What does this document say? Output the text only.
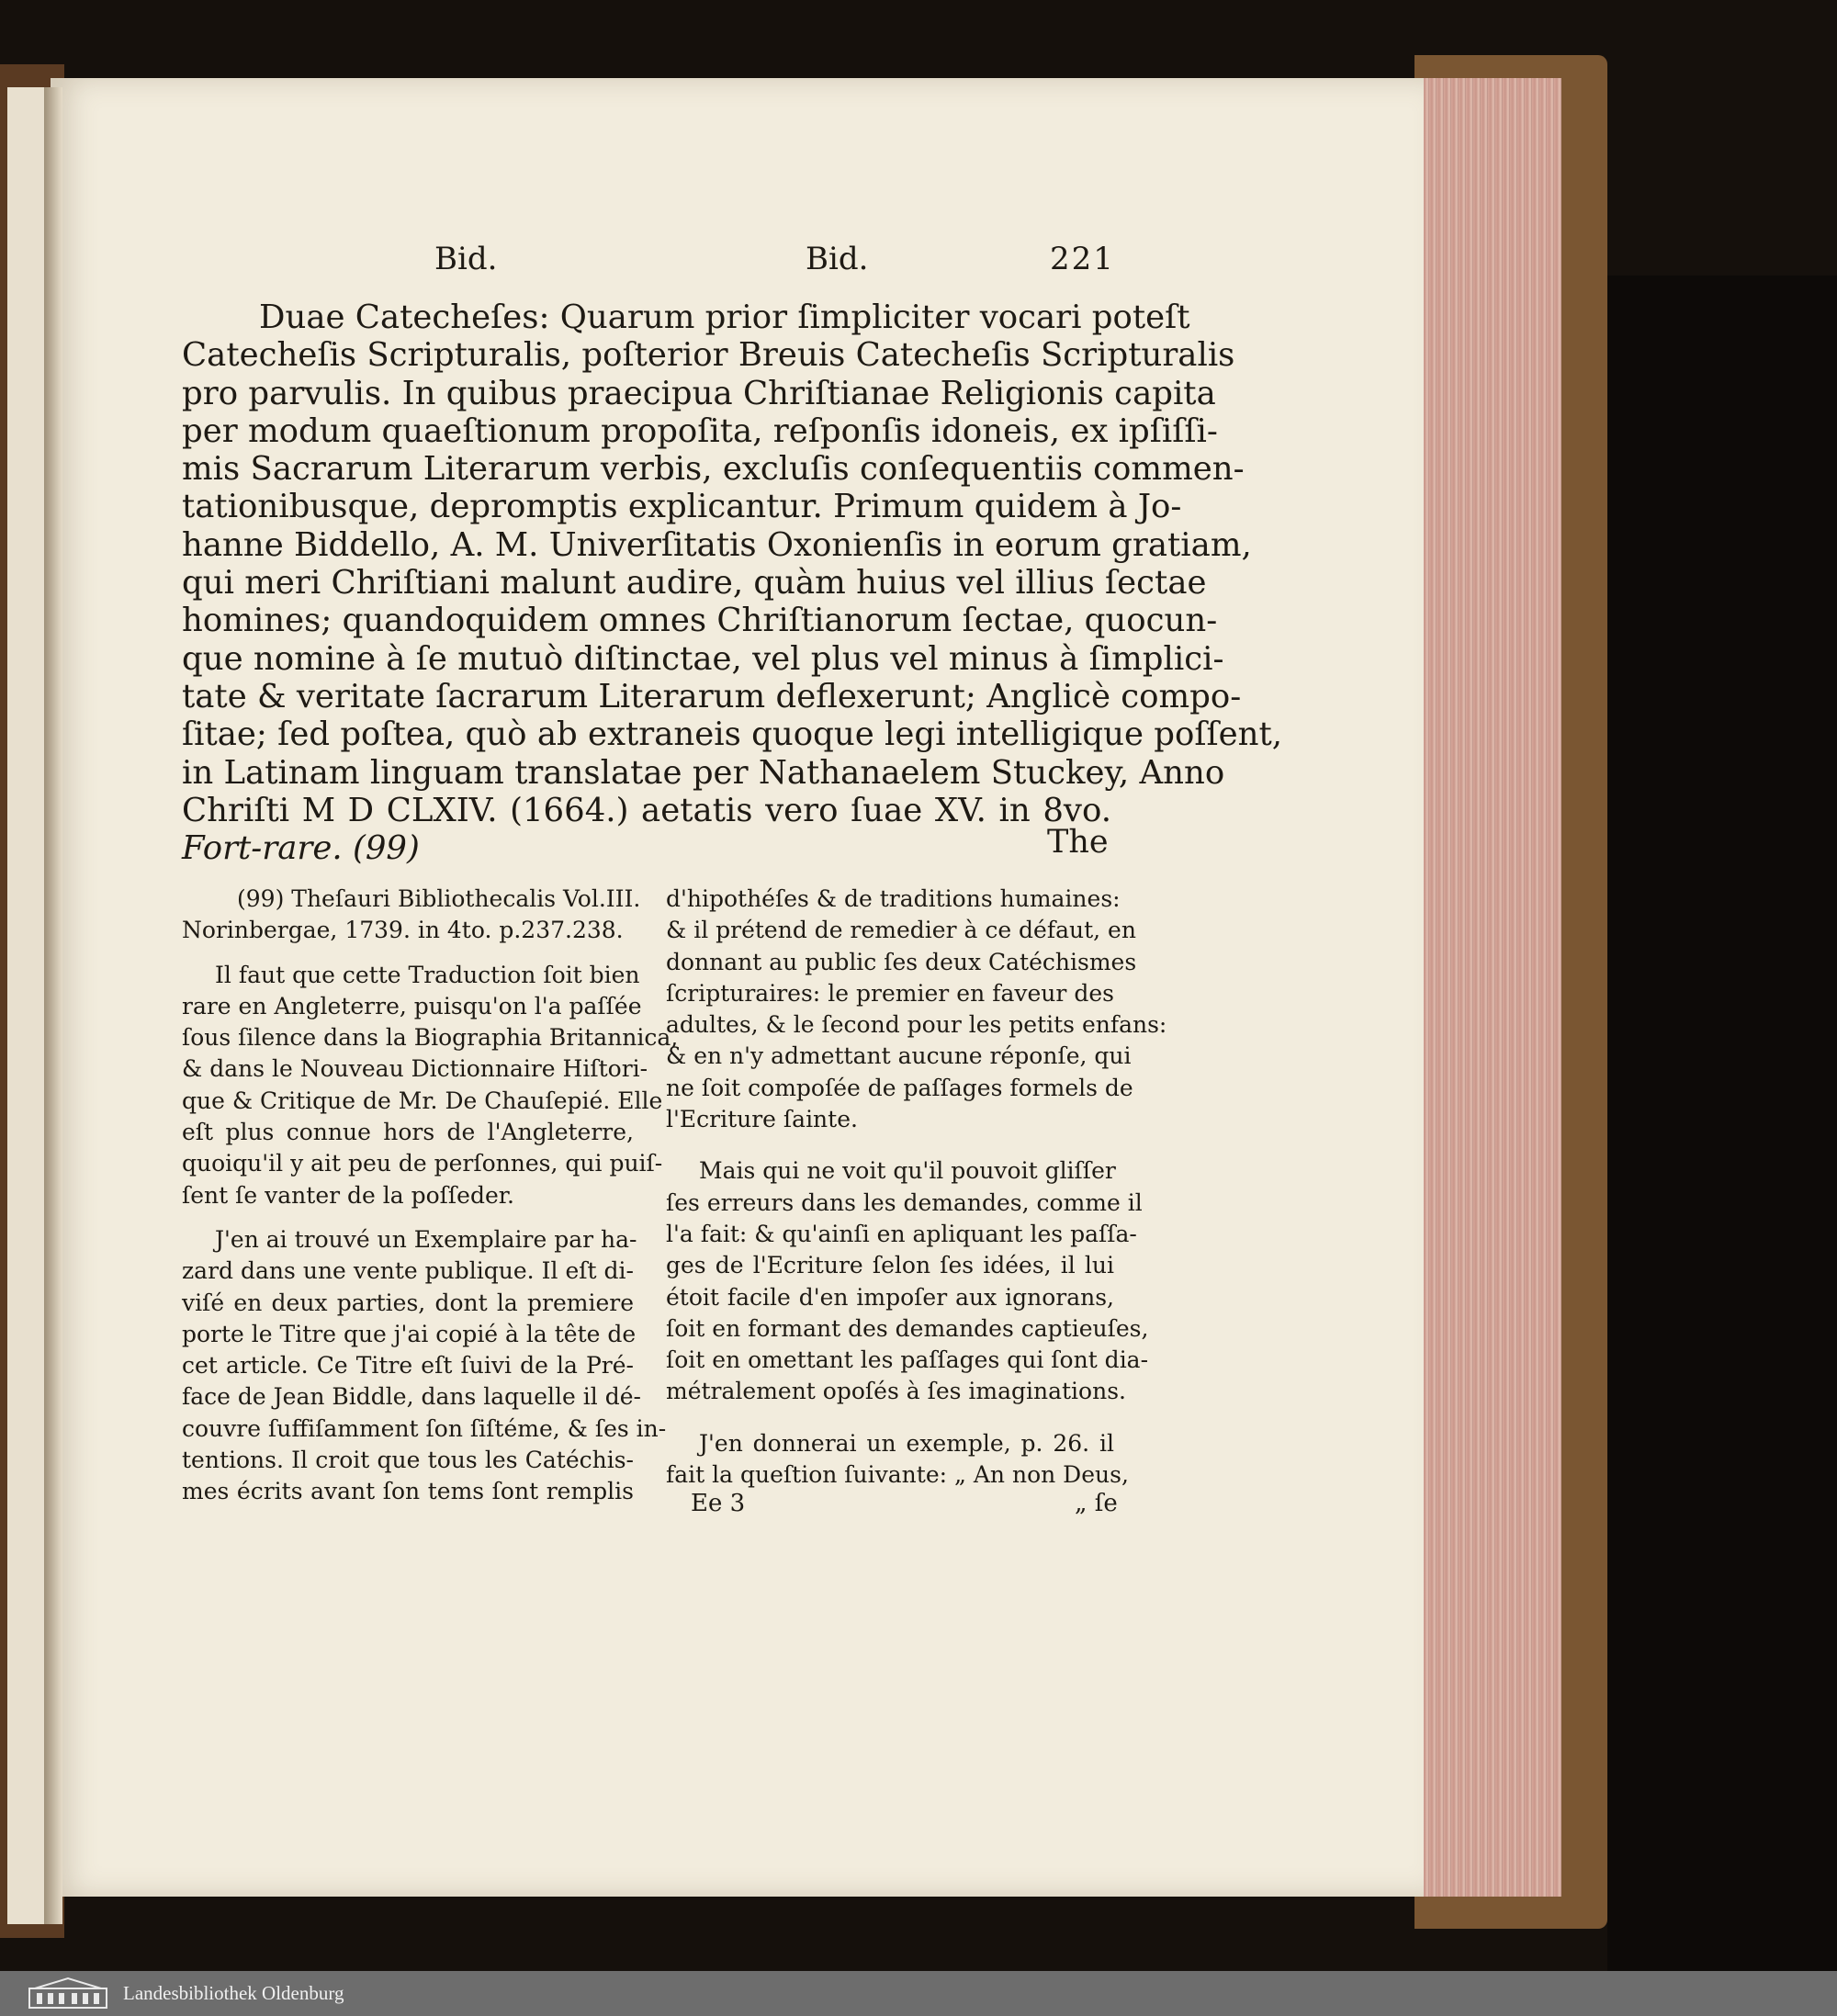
Bid.	Bid.	221
Duae Catecheſes: Quarum prior ſimpliciter vocari poteſt
Catecheſis Scripturalis, poſterior Breuis Catecheſis Scripturalis
pro parvulis. In quibus praecipua Chriſtianae Religionis capita
per modum quaeſtionum propoſita, reſponſis idoneis, ex ipſiſſi-
mis Sacrarum Literarum verbis, excluſis conſequentiis commen-
tationibusque, depromptis explicantur. Primum quidem à Jo-
hanne Biddello, A. M. Univerſitatis Oxonienſis in eorum gratiam,
qui meri Chriſtiani malunt audire, quàm huius vel illius ſectae
homines; quandoquidem omnes Chriſtianorum ſectae, quocun-
que nomine à ſe mutuò diſtinctae, vel plus vel minus à ſimplici-
tate & veritate ſacrarum Literarum deflexerunt; Anglicè compo-
ſitae; ſed poſtea, quò ab extraneis quoque legi intelligique poſſent,
in Latinam linguam translatae per Nathanaelem Stuckey, Anno
Chriſti M D CLXIV. (1664.) aetatis vero ſuae XV. in 8vo.
Fort-rare. (99)	The

(99) Theſauri Bibliothecalis Vol.III.
Norinbergae, 1739. in 4to. p.237.238.

Il faut que cette Traduction ſoit bien
rare en Angleterre, puisqu'on l'a paſſée
ſous ſilence dans la Biographia Britannica,
& dans le Nouveau Dictionnaire Hiſtori-
que & Critique de Mr. De Chauſepié. Elle
eſt plus connue hors de l'Angleterre,
quoiqu'il y ait peu de perſonnes, qui puiſ-
ſent ſe vanter de la poſſeder.

J'en ai trouvé un Exemplaire par ha-
zard dans une vente publique. Il eſt di-
viſé en deux parties, dont la premiere
porte le Titre que j'ai copié à la tête de
cet article. Ce Titre eſt ſuivi de la Pré-
face de Jean Biddle, dans laquelle il dé-
couvre ſuffiſamment ſon ſiſtéme, & ſes in-
tentions. Il croit que tous les Catéchis-
mes écrits avant ſon tems ſont remplis

d'hipothéſes & de traditions humaines:
& il prétend de remedier à ce défaut, en
donnant au public ſes deux Catéchismes
ſcripturaires: le premier en faveur des
adultes, & le ſecond pour les petits enfans:
& en n'y admettant aucune réponſe, qui
ne ſoit compoſée de paſſages formels de
l'Ecriture ſainte.

Mais qui ne voit qu'il pouvoit gliſſer
ſes erreurs dans les demandes, comme il
l'a fait: & qu'ainſi en apliquant les paſſa-
ges de l'Ecriture ſelon ſes idées, il lui
étoit facile d'en impoſer aux ignorans,
ſoit en formant des demandes captieuſes,
ſoit en omettant les paſſages qui ſont dia-
métralement opoſés à ſes imaginations.

J'en donnerai un exemple, p. 26. il
fait la queſtion ſuivante: „ An non Deus,

Ee 3	„ ſe
Landesbibliothek Oldenburg
